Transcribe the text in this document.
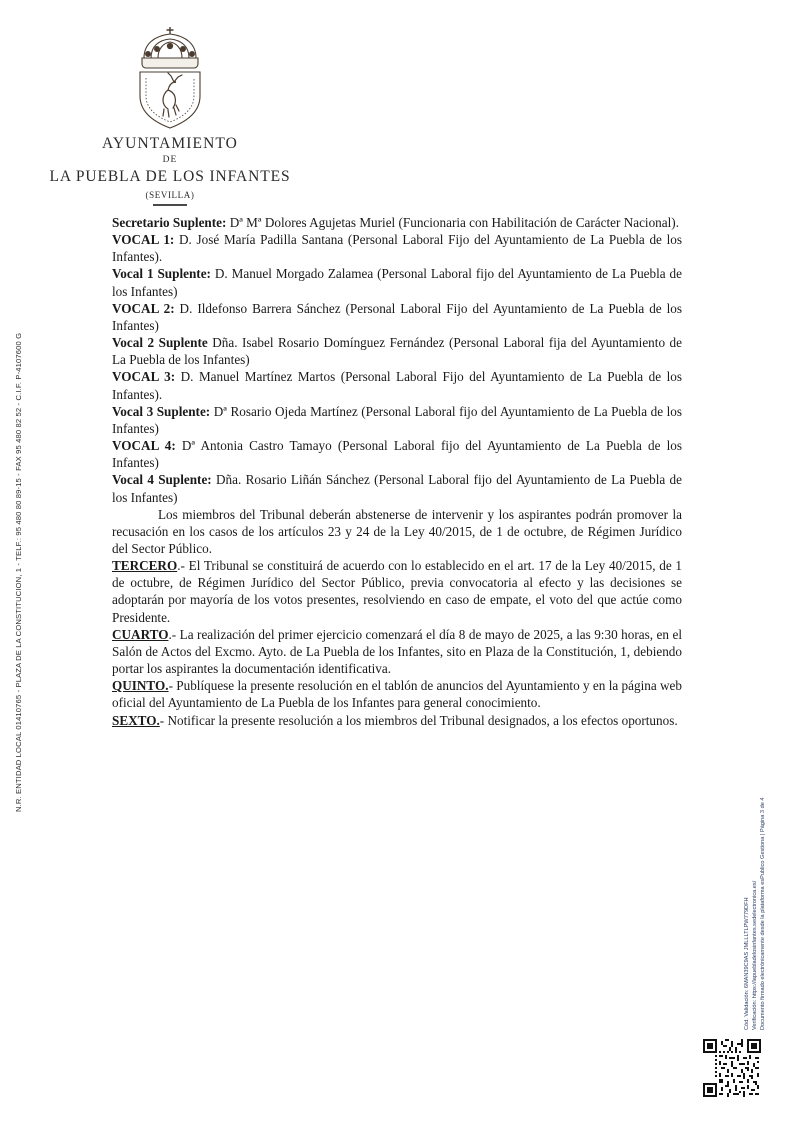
AYUNTAMIENTO
DE
LA PUEBLA DE LOS INFANTES
(SEVILLA)
N.R. ENTIDAD LOCAL 01410765 - PLAZA DE LA CONSTITUCION, 1 - TELF.: 95 480 80 89-15 - FAX 95 480 82 52 - C.I.F. P-4107600 G
Cód. Validación: 6MAN39C9AS JMLLLTLPW779DFH Verificación: https://lapuebladelosinfantes.sedelectronica.es/ Documento firmado electrónicamente desde la plataforma esPublico Gestiona | Página 3 de 4

Secretario Suplente: Dª Mª Dolores Agujetas Muriel (Funcionaria con Habilitación de Carácter Nacional).

VOCAL 1: D. José María Padilla Santana (Personal Laboral Fijo del Ayuntamiento de La Puebla de los Infantes).

Vocal 1 Suplente: D. Manuel Morgado Zalamea (Personal Laboral fijo del Ayuntamiento de La Puebla de los Infantes)

VOCAL 2: D. Ildefonso Barrera Sánchez (Personal Laboral Fijo del Ayuntamiento de La Puebla de los Infantes)

Vocal 2 Suplente Dña. Isabel Rosario Domínguez Fernández (Personal Laboral fija del Ayuntamiento de La Puebla de los Infantes)

VOCAL 3: D. Manuel Martínez Martos (Personal Laboral Fijo del Ayuntamiento de La Puebla de los Infantes).

Vocal 3 Suplente: Dª Rosario Ojeda Martínez (Personal Laboral fijo del Ayuntamiento de La Puebla de los Infantes)

VOCAL 4: Dª Antonia Castro Tamayo (Personal Laboral fijo del Ayuntamiento de La Puebla de los Infantes)

Vocal 4 Suplente: Dña. Rosario Liñán Sánchez (Personal Laboral fijo del Ayuntamiento de La Puebla de los Infantes)

Los miembros del Tribunal deberán abstenerse de intervenir y los aspirantes podrán promover la recusación en los casos de los artículos 23 y 24 de la Ley 40/2015, de 1 de octubre, de Régimen Jurídico del Sector Público.

TERCERO.- El Tribunal se constituirá de acuerdo con lo establecido en el art. 17 de la Ley 40/2015, de 1 de octubre, de Régimen Jurídico del Sector Público, previa convocatoria al efecto y las decisiones se adoptarán por mayoría de los votos presentes, resolviendo en caso de empate, el voto del que actúe como Presidente.

CUARTO.- La realización del primer ejercicio comenzará el día 8 de mayo de 2025, a las 9:30 horas, en el Salón de Actos del Excmo. Ayto. de La Puebla de los Infantes, sito en Plaza de la Constitución, 1, debiendo portar los aspirantes la documentación identificativa.

QUINTO.- Publíquese la presente resolución en el tablón de anuncios del Ayuntamiento y en la página web oficial del Ayuntamiento de La Puebla de los Infantes para general conocimiento.

SEXTO.- Notificar la presente resolución a los miembros del Tribunal designados, a los efectos oportunos.
